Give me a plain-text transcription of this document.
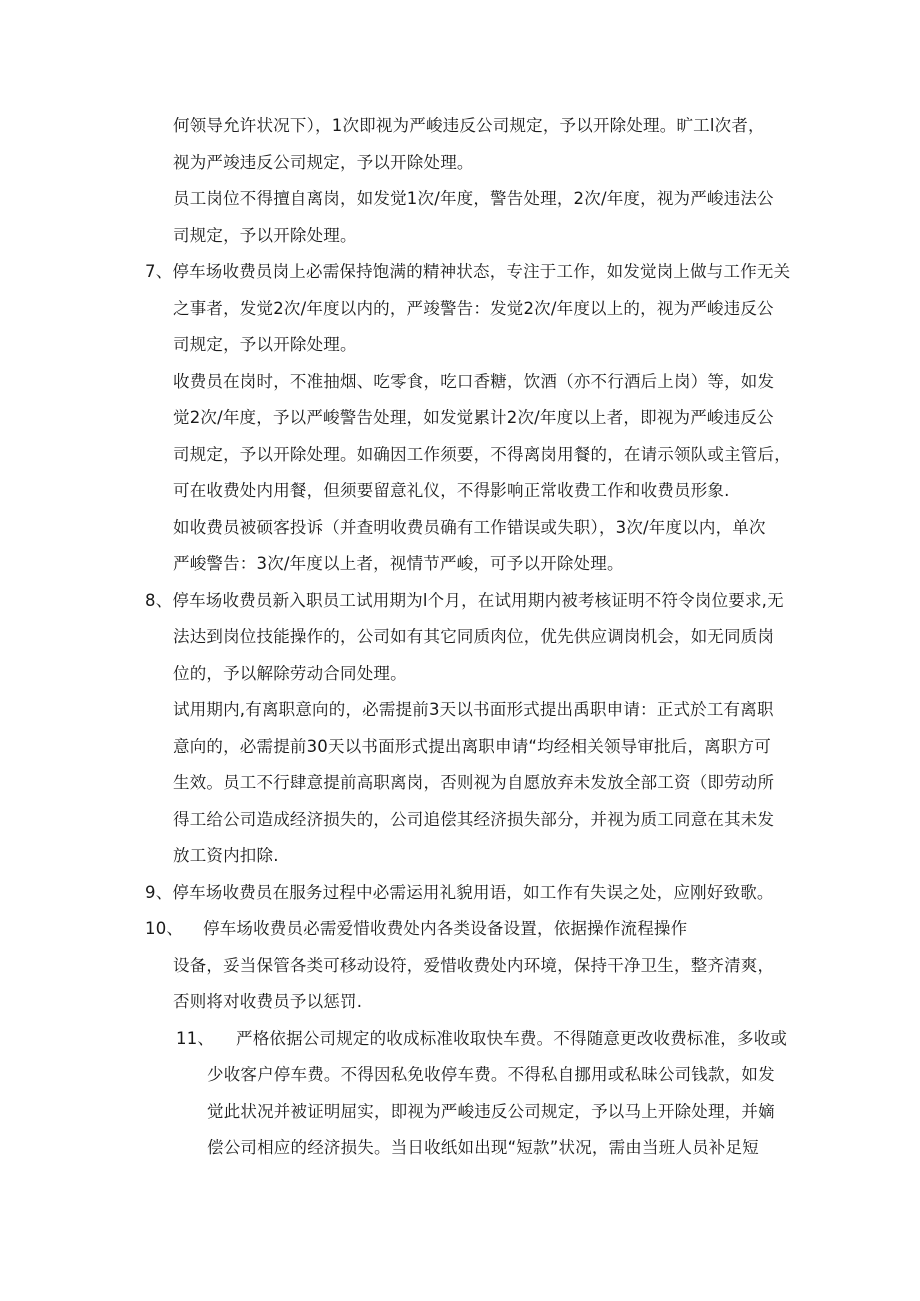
何领导允许状况下），1次即视为严峻违反公司规定，予以开除处理。旷工l次者，
视为严竣违反公司规定，予以开除处理。
员工岗位不得擅自离岗，如发觉1次/年度，警告处理，2次/年度，视为严峻违法公
司规定，予以开除处理。
7、停车场收费员岗上必需保持饱满的精神状态，专注于工作，如发觉岗上做与工作无关
之事者，发觉2次/年度以内的，严竣警告：发觉2次/年度以上的，视为严峻违反公
司规定，予以开除处理。
收费员在岗时，不准抽烟、吃零食，吃口香糖，饮酒（亦不行酒后上岗）等，如发
觉2次/年度，予以严峻警告处理，如发觉累计2次/年度以上者，即视为严峻违反公
司规定，予以开除处理。如确因工作须要，不得离岗用餐的，在请示领队或主管后，
可在收费处内用餐，但须要留意礼仪，不得影响正常收费工作和收费员形象.
如收费员被硕客投诉（并查明收费员确有工作错误或失职），3次/年度以内，单次
严峻警告：3次/年度以上者，视情节严峻，可予以开除处理。
8、停车场收费员新入职员工试用期为l个月，在试用期内被考核证明不符令岗位要求,无
法达到岗位技能操作的，公司如有其它同质肉位，优先供应调岗机会，如无同质岗
位的，予以解除劳动合同处理。
试用期内,有离职意向的，必需提前3天以书面形式提出禹职申请：正式於工有离职
意向的，必需提前30天以书面形式提出离职申请“均经相关领导审批后，离职方可
生效。员工不行肆意提前高职离岗，否则视为自愿放弃未发放全部工资（即劳动所
得工给公司造成经济损失的，公司追偿其经济损失部分，并视为质工同意在其未发
放工资内扣除.
9、停车场收费员在服务过程中必需运用礼貌用语，如工作有失误之处，应刚好致歌。
10、 停车场收费员必需爱惜收费处内各类设备设置，依据操作流程操作
设备，妥当保管各类可移动设符，爱惜收费处内环境，保持干净卫生，整齐清爽，
否则将对收费员予以惩罚.
11、 严格依据公司规定的收成标准收取快车费。不得随意更改收费标准，多收或
少收客户停车费。不得因私免收停车费。不得私自挪用或私昧公司钱款，如发
觉此状况并被证明屈实，即视为严峻违反公司规定，予以马上开除处理，并嫡
偿公司相应的经济损失。当日收纸如出现“短款”状况，需由当班人员补足短
